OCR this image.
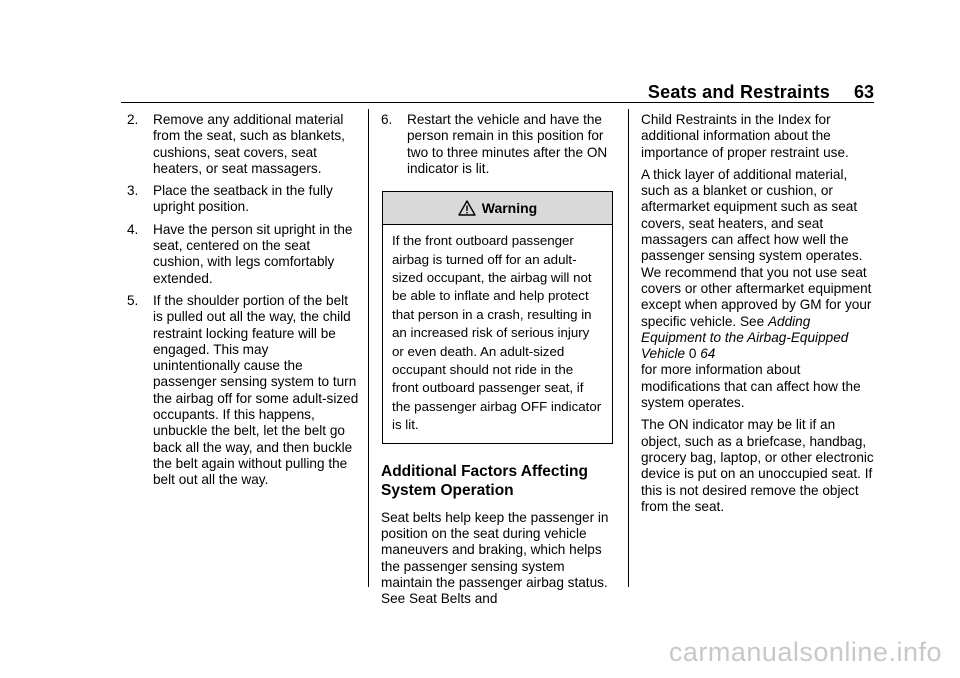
Seats and Restraints 63
2. Remove any additional material from the seat, such as blankets, cushions, seat covers, seat heaters, or seat massagers.
3. Place the seatback in the fully upright position.
4. Have the person sit upright in the seat, centered on the seat cushion, with legs comfortably extended.
5. If the shoulder portion of the belt is pulled out all the way, the child restraint locking feature will be engaged. This may unintentionally cause the passenger sensing system to turn the airbag off for some adult-sized occupants. If this happens, unbuckle the belt, let the belt go back all the way, and then buckle the belt again without pulling the belt out all the way.
6. Restart the vehicle and have the person remain in this position for two to three minutes after the ON indicator is lit.
Warning
If the front outboard passenger airbag is turned off for an adult-sized occupant, the airbag will not be able to inflate and help protect that person in a crash, resulting in an increased risk of serious injury or even death. An adult-sized occupant should not ride in the front outboard passenger seat, if the passenger airbag OFF indicator is lit.
Additional Factors Affecting System Operation
Seat belts help keep the passenger in position on the seat during vehicle maneuvers and braking, which helps the passenger sensing system maintain the passenger airbag status. See Seat Belts and

Child Restraints in the Index for additional information about the importance of proper restraint use.

A thick layer of additional material, such as a blanket or cushion, or aftermarket equipment such as seat covers, seat heaters, and seat massagers can affect how well the passenger sensing system operates. We recommend that you not use seat covers or other aftermarket equipment except when approved by GM for your specific vehicle. See Adding Equipment to the Airbag-Equipped Vehicle 0 64
for more information about modifications that can affect how the system operates.

The ON indicator may be lit if an object, such as a briefcase, handbag, grocery bag, laptop, or other electronic device is put on an unoccupied seat. If this is not desired remove the object from the seat.

carmanualsonline.info
